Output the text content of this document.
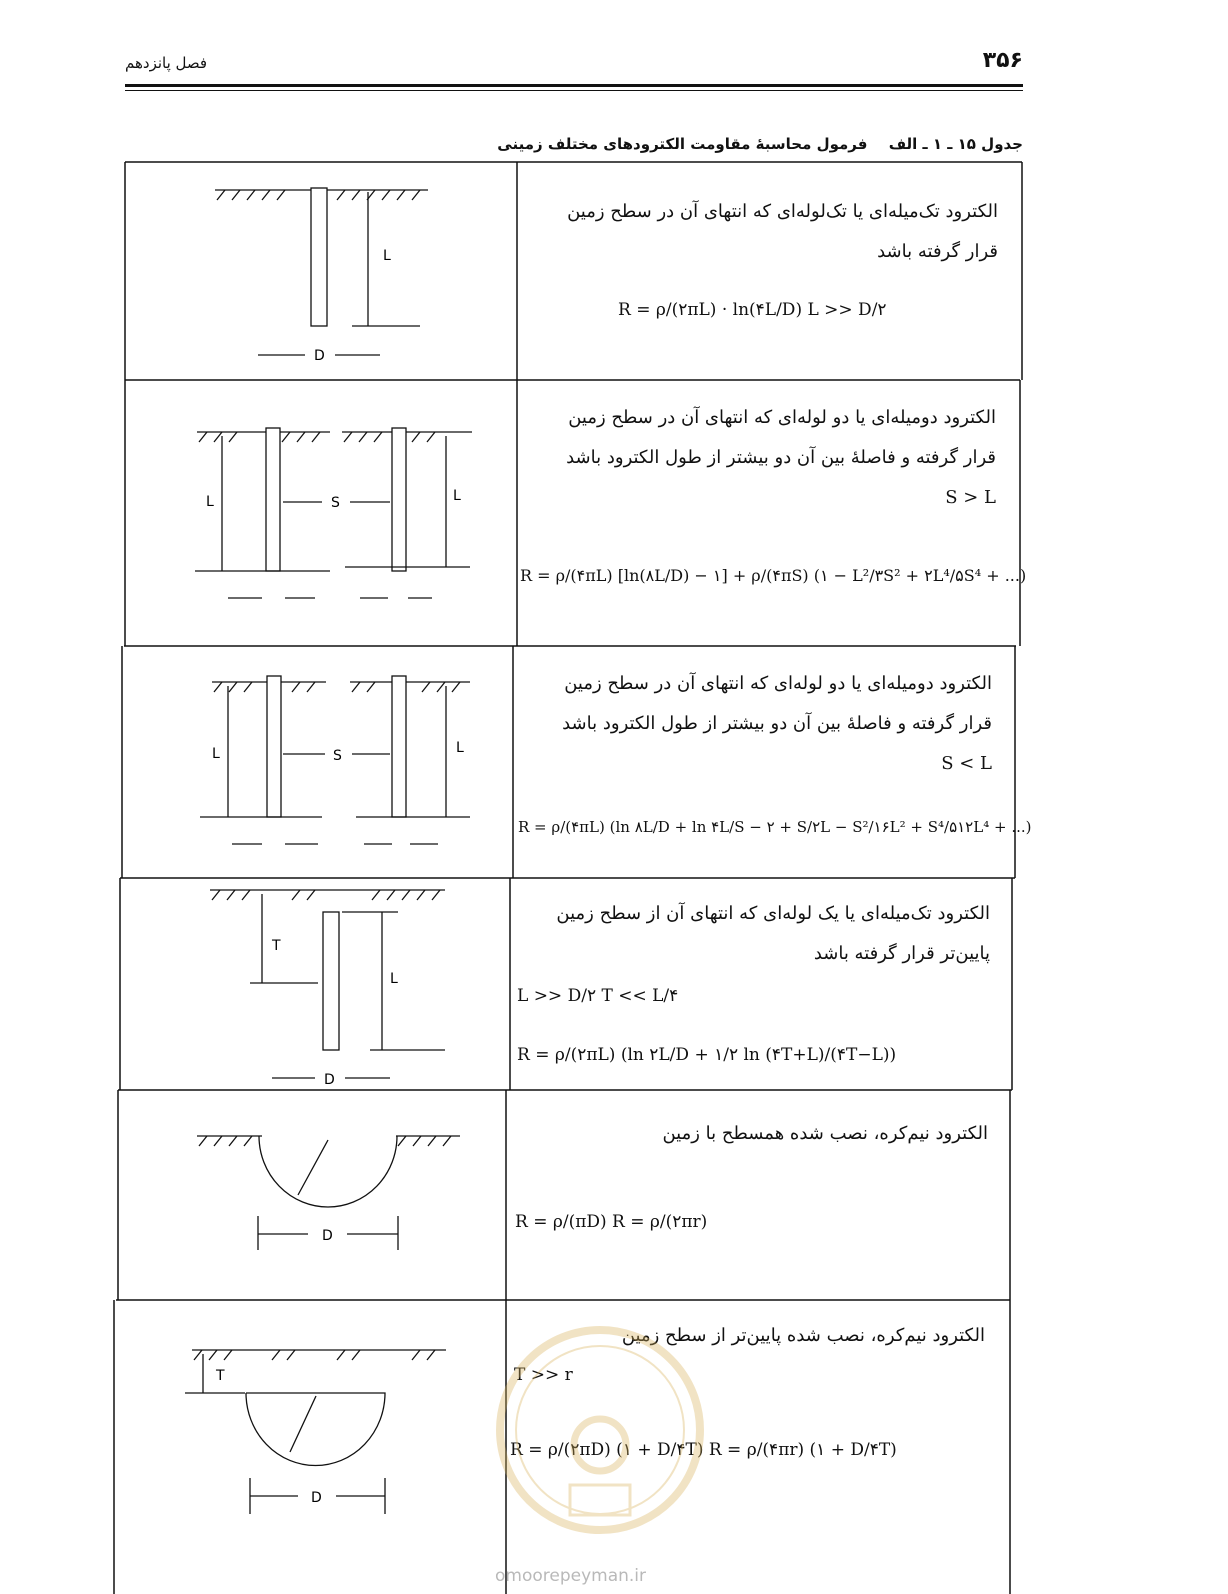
۳۵۶
فصل پانزدهم
جدول ۱۵ ـ ۱ ـ الف فرمول محاسبهٔ مقاومت الکترودهای مختلف زمینی
L
D
L	S	L
L	S	L
T
L
D
D
T
D
الکترود تک‌میله‌ای یا تک‌لوله‌ای که انتهای آن در سطح زمین
قرار گرفته باشد
R = ρ/(۲πL) · ln(۴L/D) L >> D/۲
الکترود دومیله‌ای یا دو لوله‌ای که انتهای آن در سطح زمین
قرار گرفته و فاصلهٔ بین آن دو بیشتر از طول الکترود باشد
S > L
R = ρ/(۴πL) [ln(۸L/D) − ۱] + ρ/(۴πS) (۱ − L²/۳S² + ۲L⁴/۵S⁴ + ...)
الکترود دومیله‌ای یا دو لوله‌ای که انتهای آن در سطح زمین
قرار گرفته و فاصلهٔ بین آن دو بیشتر از طول الکترود باشد
S < L
R = ρ/(۴πL) (ln ۸L/D + ln ۴L/S − ۲ + S/۲L − S²/۱۶L² + S⁴/۵۱۲L⁴ + ...)
الکترود تک‌میله‌ای یا یک لوله‌ای که انتهای آن از سطح زمین
پایین‌تر قرار گرفته باشد
L >> D/۲ T << L/۴
R = ρ/(۲πL) (ln ۲L/D + ۱/۲ ln (۴T+L)/(۴T−L))
الکترود نیم‌کره، نصب شده همسطح با زمین
R = ρ/(πD) R = ρ/(۲πr)
الکترود نیم‌کره، نصب شده پایین‌تر از سطح زمین
T >> r
R = ρ/(۲πD) (۱ + D/۴T) R = ρ/(۴πr) (۱ + D/۴T)
omoorepeyman.ir
